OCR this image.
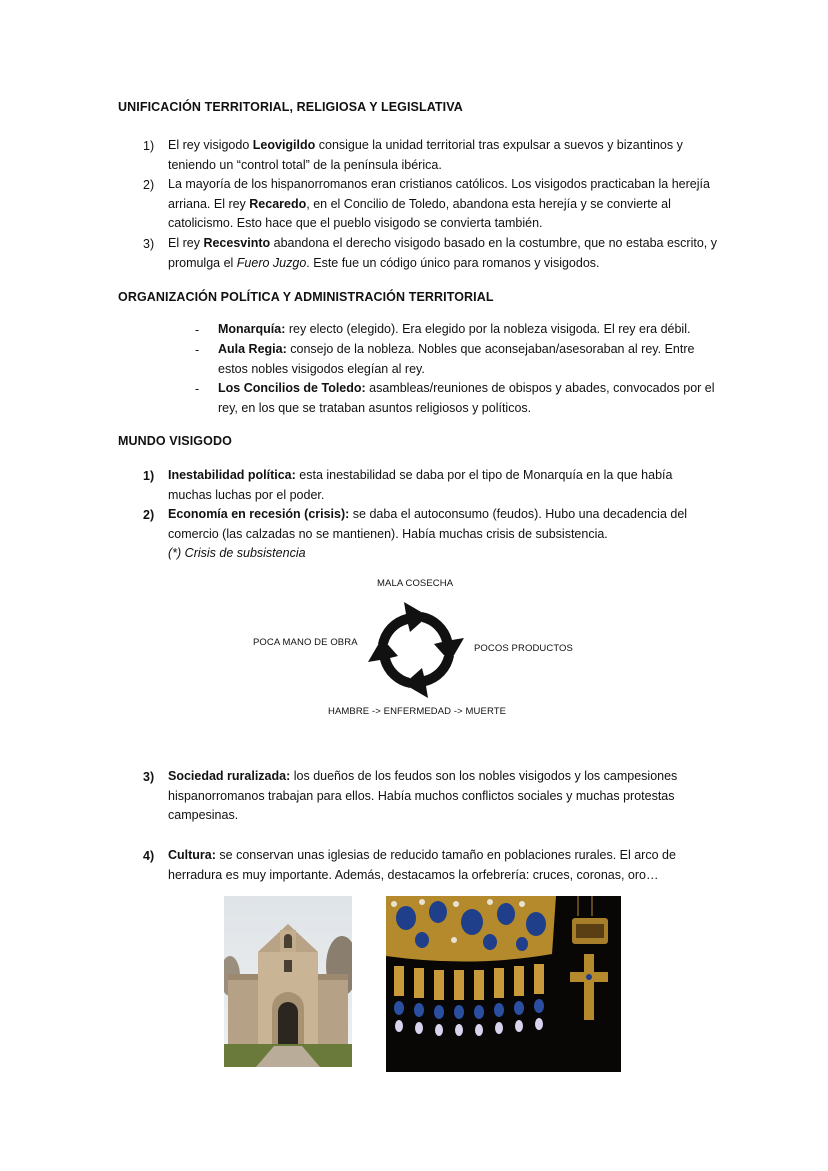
UNIFICACIÓN TERRITORIAL, RELIGIOSA Y LEGISLATIVA
1) El rey visigodo Leovigildo consigue la unidad territorial tras expulsar a suevos y bizantinos y teniendo un “control total” de la península ibérica.
2) La mayoría de los hispanorromanos eran cristianos católicos. Los visigodos practicaban la herejía arriana. El rey Recaredo, en el Concilio de Toledo, abandona esta herejía y se convierte al catolicismo. Esto hace que el pueblo visigodo se convierta también.
3) El rey Recesvinto abandona el derecho visigodo basado en la costumbre, que no estaba escrito, y promulga el Fuero Juzgo. Este fue un código único para romanos y visigodos.
ORGANIZACIÓN POLÍTICA Y ADMINISTRACIÓN TERRITORIAL
- Monarquía: rey electo (elegido). Era elegido por la nobleza visigoda. El rey era débil.
- Aula Regia: consejo de la nobleza. Nobles que aconsejaban/asesoraban al rey. Entre estos nobles visigodos elegían al rey.
- Los Concilios de Toledo: asambleas/reuniones de obispos y abades, convocados por el rey, en los que se trataban asuntos religiosos y políticos.
MUNDO VISIGODO
1) Inestabilidad política: esta inestabilidad se daba por el tipo de Monarquía en la que había muchas luchas por el poder.
2) Economía en recesión (crisis): se daba el autoconsumo (feudos). Hubo una decadencia del comercio (las calzadas no se mantienen). Había muchas crisis de subsistencia.
(*) Crisis de subsistencia
MALA COSECHA
POCOS PRODUCTOS
HAMBRE -> ENFERMEDAD -> MUERTE
POCA MANO DE OBRA
3) Sociedad ruralizada: los dueños de los feudos son los nobles visigodos y los campesiones hispanorromanos trabajan para ellos. Había muchos conflictos sociales y muchas protestas campesinas.
4) Cultura: se conservan unas iglesias de reducido tamaño en poblaciones rurales. El arco de herradura es muy importante. Además, destacamos la orfebrería: cruces, coronas, oro…
